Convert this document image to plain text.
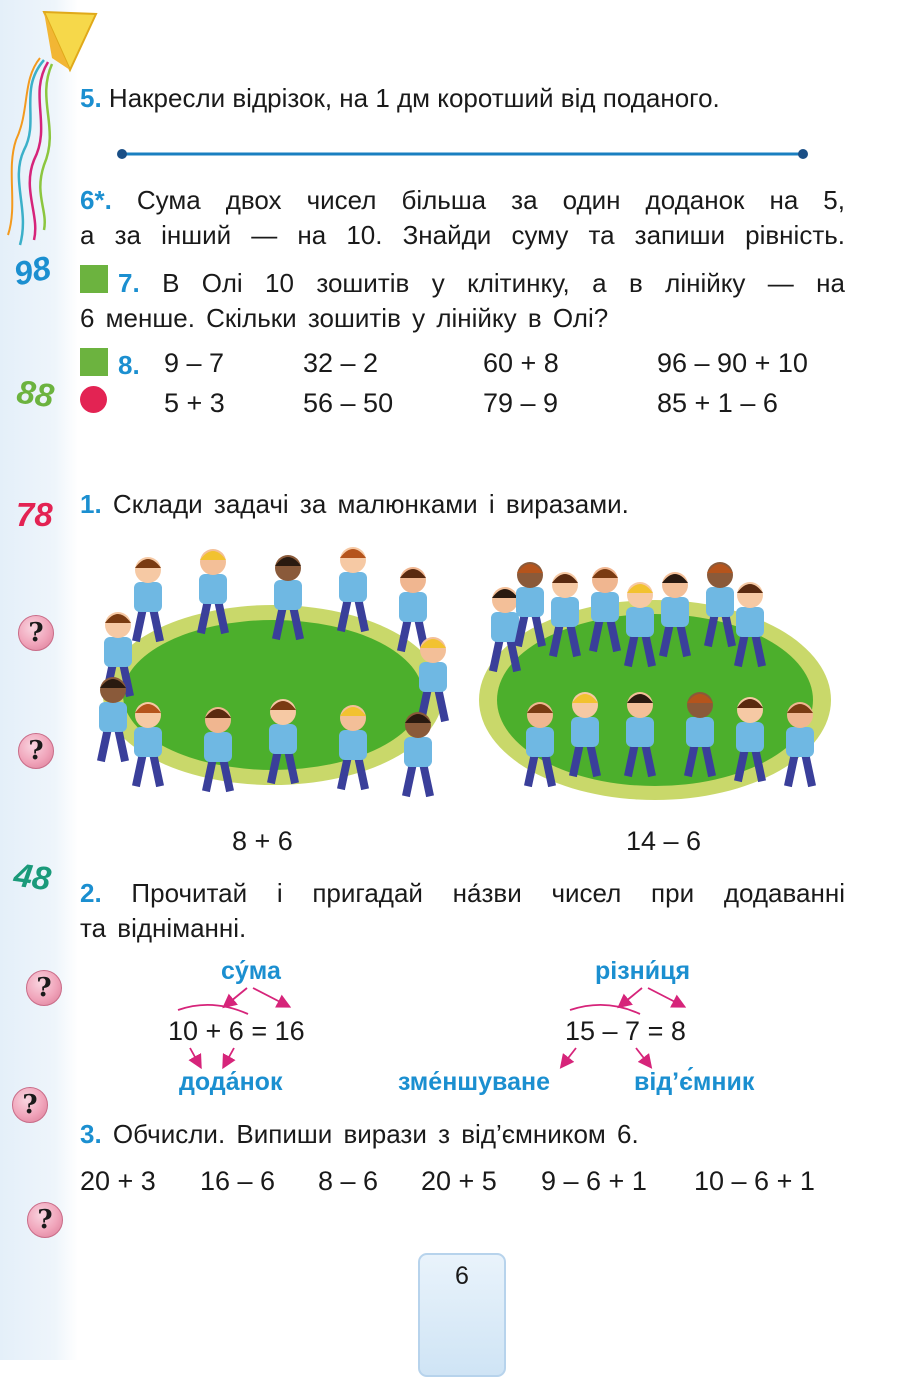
98
88
78
48
?
?
?
?
?
5. Накресли відрізок, на 1 дм коротший від поданого.
6*. Сума двох чисел більша за один доданок на 5,
а за інший — на 10. Знайди суму та запиши рівність.
7. В Олі 10 зошитів у клітинку, а в лінійку — на
6 менше. Скільки зошитів у лінійку в Олі?
8. 9 – 7	32 – 2	60 + 8	96 – 90 + 10
5 + 3	56 – 50	79 – 9	85 + 1 – 6
1. Склади задачі за малюнками і виразами.
8 + 6	14 – 6
2. Прочитай і пригадай на́зви чисел при додаванні
та відніманні.
су́ма
10 + 6 = 16
дода́нок
різни́ця
15 – 7 = 8
зме́ншуване	від’є́мник
3. Обчисли. Випиши вирази з від’ємником 6.
20 + 3 16 – 6 8 – 6 20 + 5 9 – 6 + 1 10 – 6 + 1
6
